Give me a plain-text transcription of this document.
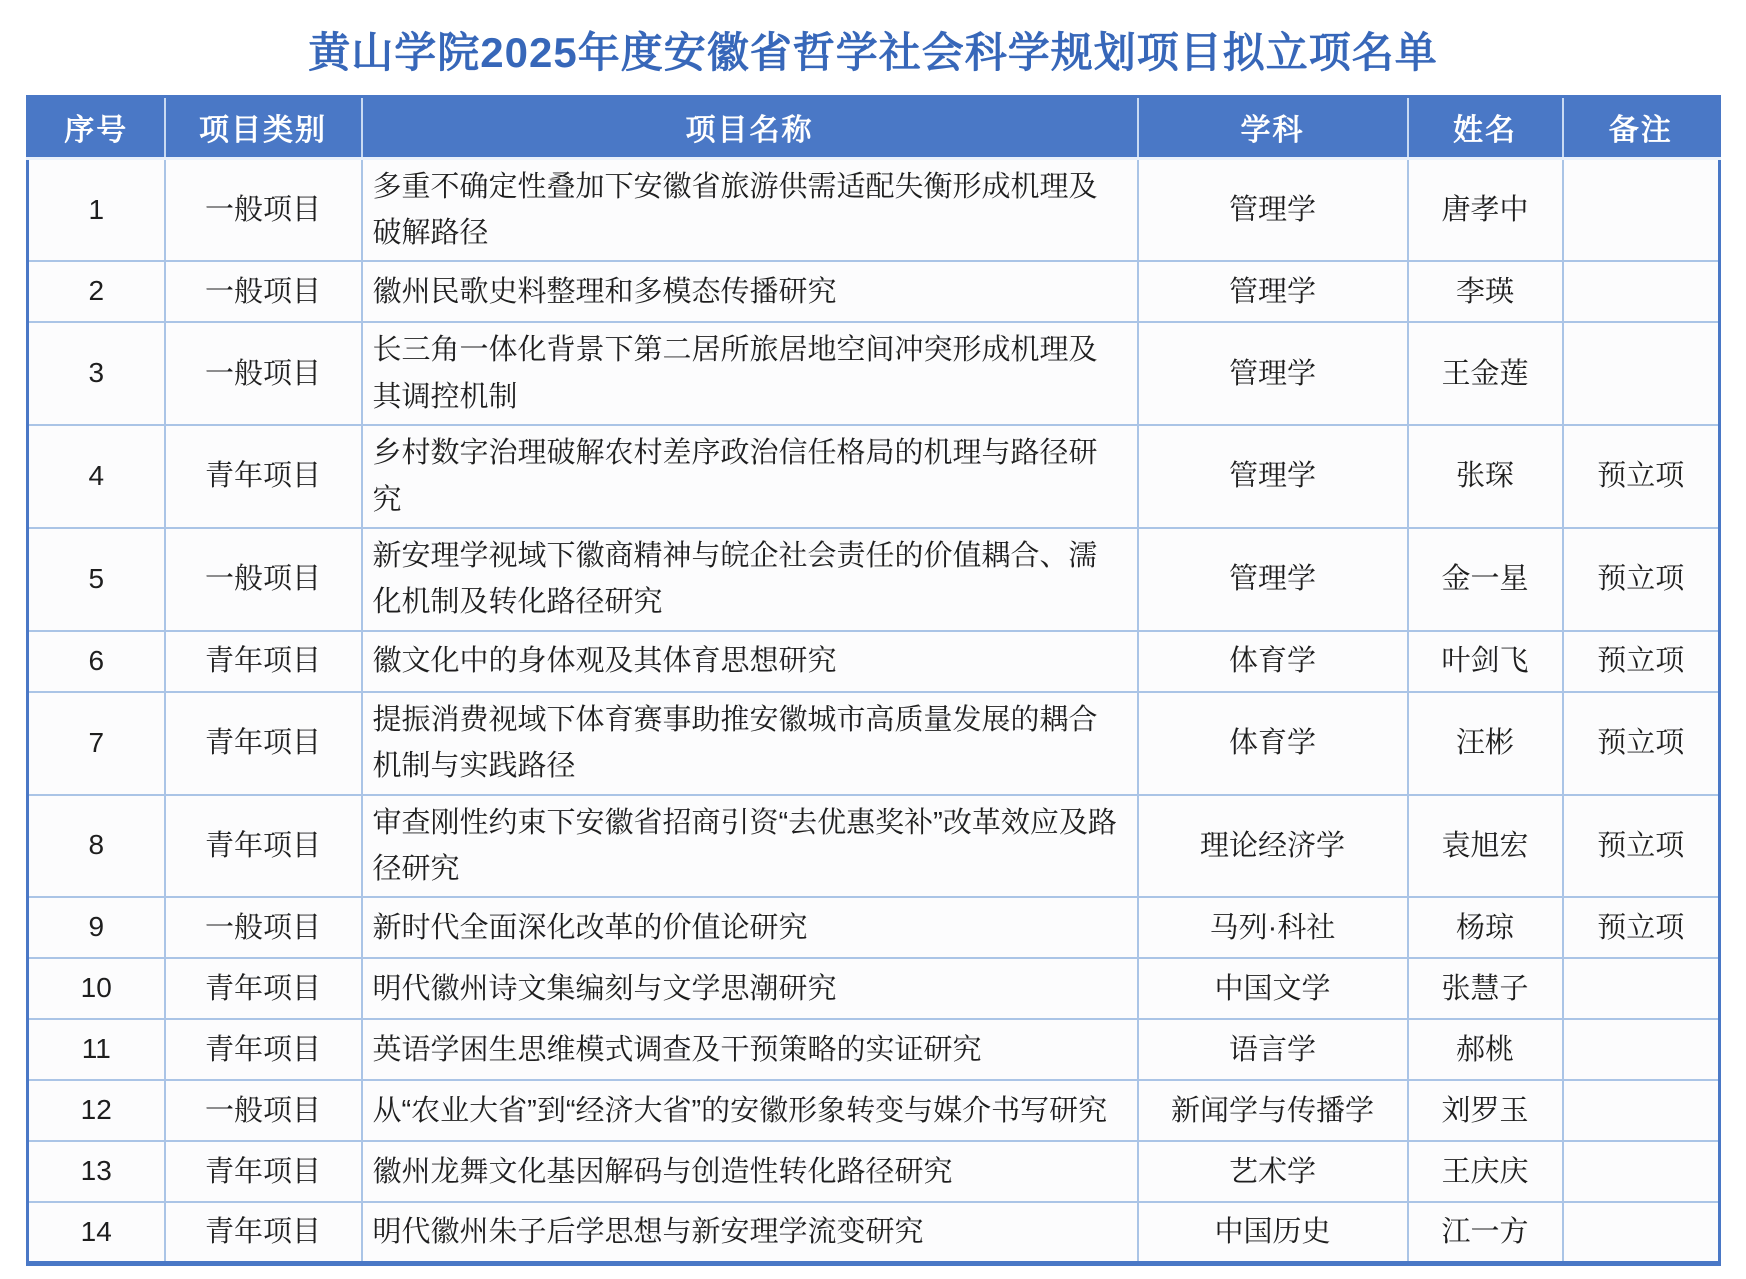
黄山学院2025年度安徽省哲学社会科学规划项目拟立项名单
序号	项目类别	项目名称	学科	姓名	备注
1	一般项目	多重不确定性叠加下安徽省旅游供需适配失衡形成机理及破解路径	管理学	唐孝中	
2	一般项目	徽州民歌史料整理和多模态传播研究	管理学	李瑛	
3	一般项目	长三角一体化背景下第二居所旅居地空间冲突形成机理及其调控机制	管理学	王金莲	
4	青年项目	乡村数字治理破解农村差序政治信任格局的机理与路径研究	管理学	张琛	预立项
5	一般项目	新安理学视域下徽商精神与皖企社会责任的价值耦合、濡化机制及转化路径研究	管理学	金一星	预立项
6	青年项目	徽文化中的身体观及其体育思想研究	体育学	叶剑飞	预立项
7	青年项目	提振消费视域下体育赛事助推安徽城市高质量发展的耦合机制与实践路径	体育学	汪彬	预立项
8	青年项目	审查刚性约束下安徽省招商引资“去优惠奖补”改革效应及路径研究	理论经济学	袁旭宏	预立项
9	一般项目	新时代全面深化改革的价值论研究	马列·科社	杨琼	预立项
10	青年项目	明代徽州诗文集编刻与文学思潮研究	中国文学	张慧子	
11	青年项目	英语学困生思维模式调查及干预策略的实证研究	语言学	郝桃	
12	一般项目	从“农业大省”到“经济大省”的安徽形象转变与媒介书写研究	新闻学与传播学	刘罗玉	
13	青年项目	徽州龙舞文化基因解码与创造性转化路径研究	艺术学	王庆庆	
14	青年项目	明代徽州朱子后学思想与新安理学流变研究	中国历史	江一方	
